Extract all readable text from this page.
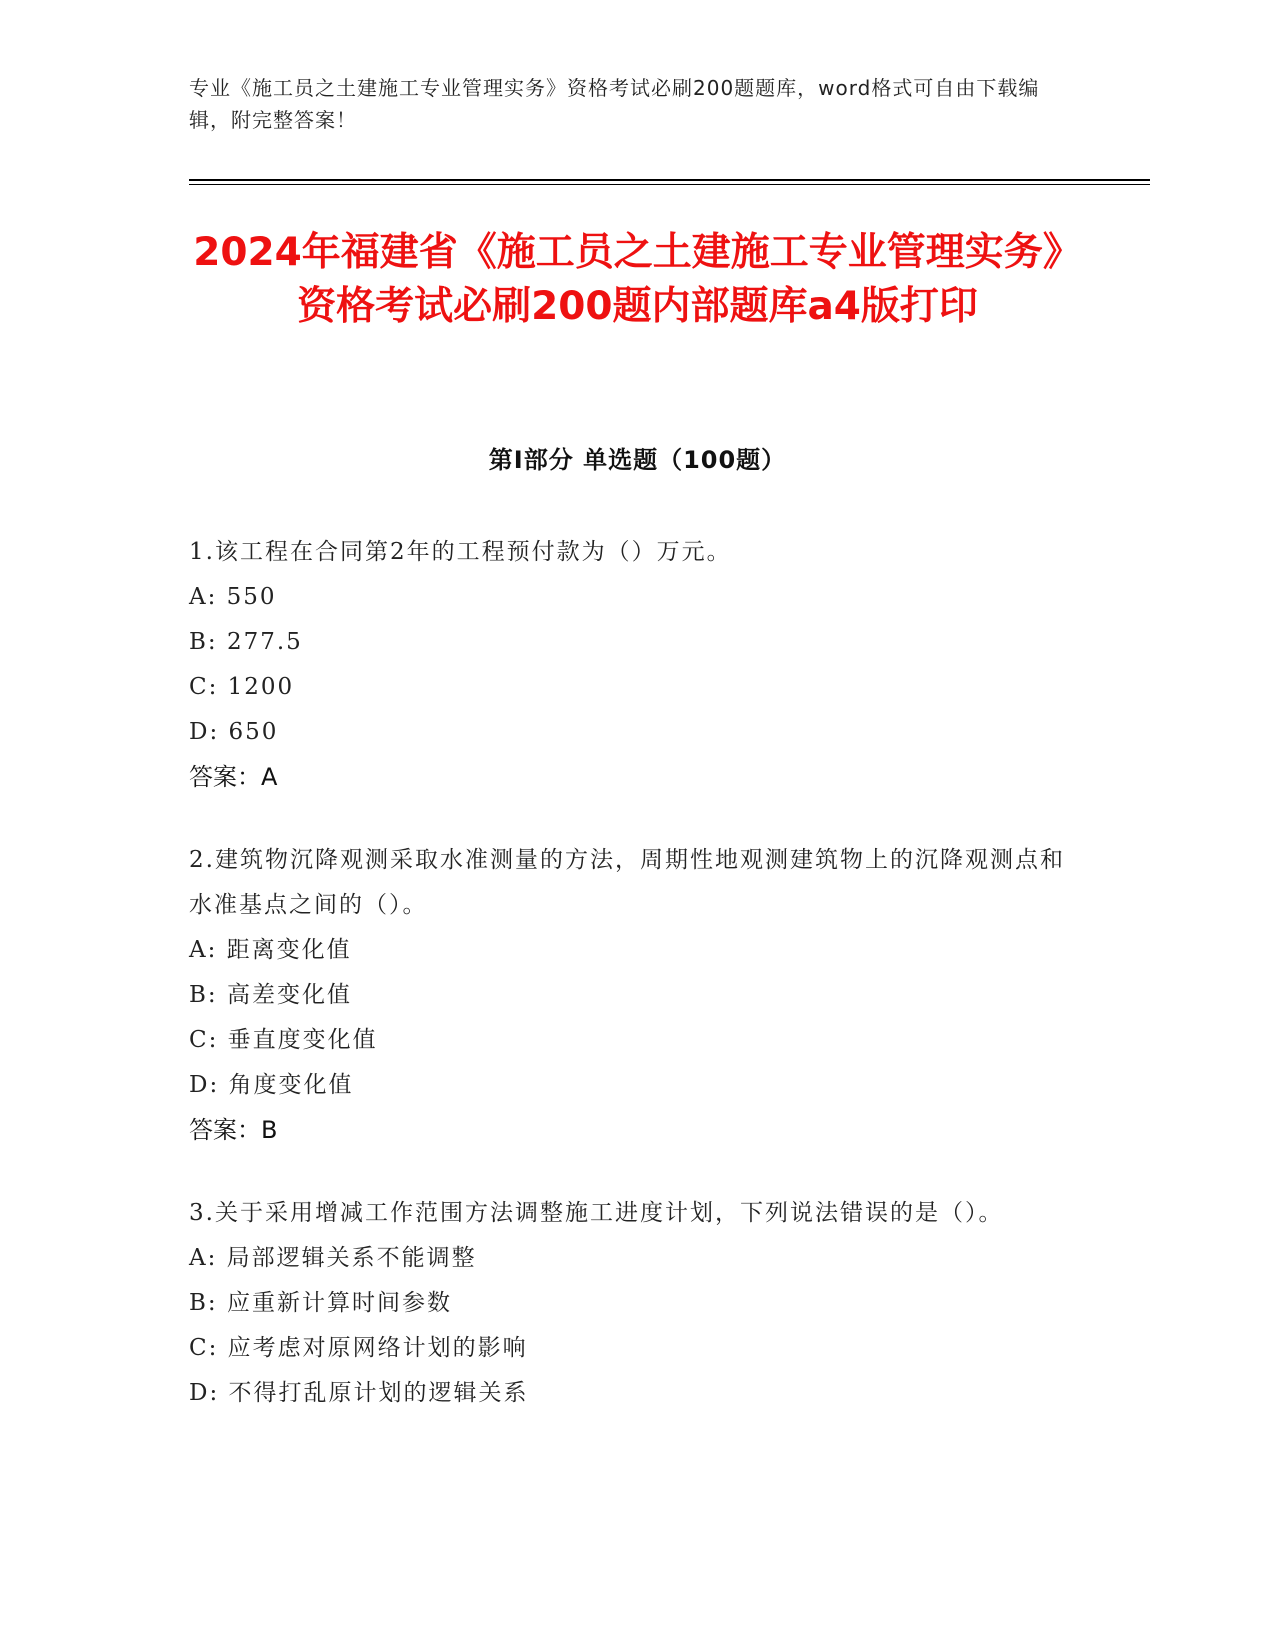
专业《施工员之土建施工专业管理实务》资格考试必刷200题题库，word格式可自由下载编辑，附完整答案！
2024年福建省《施工员之土建施工专业管理实务》资格考试必刷200题内部题库a4版打印
第Ⅰ部分 单选题（100题）
1.该工程在合同第2年的工程预付款为（）万元。
A: 550
B: 277.5
C: 1200
D: 650
答案：A
2.建筑物沉降观测采取水准测量的方法，周期性地观测建筑物上的沉降观测点和水准基点之间的（）。
A: 距离变化值
B: 高差变化值
C: 垂直度变化值
D: 角度变化值
答案：B
3.关于采用增减工作范围方法调整施工进度计划，下列说法错误的是（）。
A: 局部逻辑关系不能调整
B: 应重新计算时间参数
C: 应考虑对原网络计划的影响
D: 不得打乱原计划的逻辑关系
